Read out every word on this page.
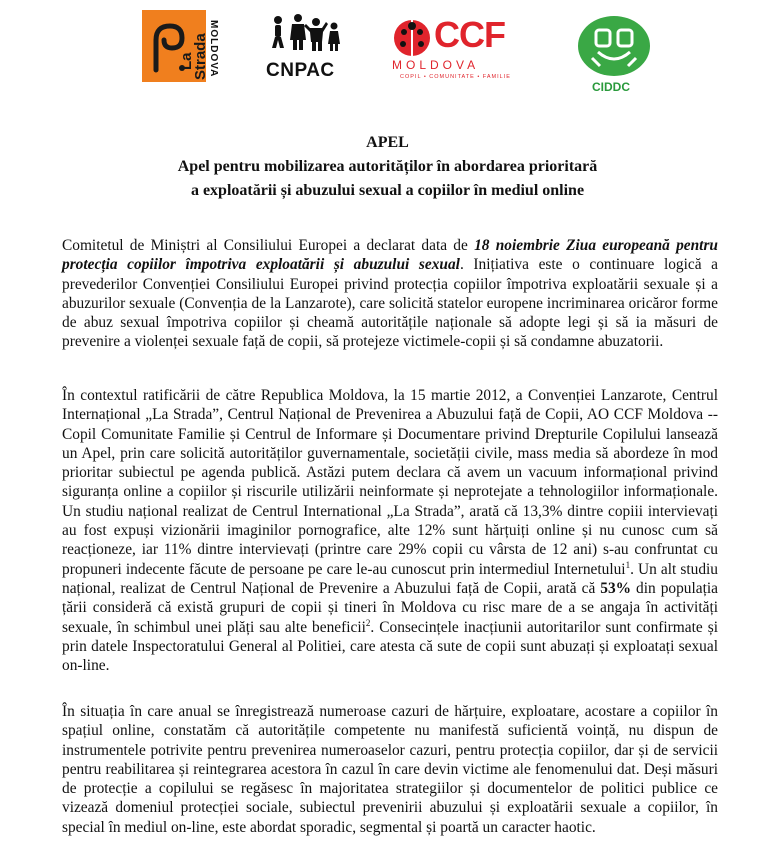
La
Strada MOLDOVA CNPAC
CCF
MOLDOVA
COPIL • COMUNITATE • FAMILIE
CIDDC
APEL
Apel pentru mobilizarea autorităților în abordarea prioritară
a exploatării și abuzului sexual a copiilor în mediul online
Comitetul de Miniștri al Consiliului Europei a declarat data de 18 noiembrie Ziua europeană pentru protecția copiilor împotriva exploatării și abuzului sexual. Inițiativa este o continuare logică a prevederilor Convenției Consiliului Europei privind protecția copiilor împotriva exploatării sexuale și a abuzurilor sexuale (Convenția de la Lanzarote), care solicită statelor europene incriminarea oricăror forme de abuz sexual împotriva copiilor și cheamă autoritățile naționale să adopte legi și să ia măsuri de prevenire a violenței sexuale față de copii, să protejeze victimele-copii și să condamne abuzatorii.
În contextul ratificării de către Republica Moldova, la 15 martie 2012, a Convenției Lanzarote, Centrul Internațional „La Strada”, Centrul Național de Prevenirea a Abuzului față de Copii, AO CCF Moldova --Copil Comunitate Familie și Centrul de Informare și Documentare privind Drepturile Copilului lansează un Apel, prin care solicită autorităților guvernamentale, societății civile, mass media să abordeze în mod prioritar subiectul pe agenda publică. Astăzi putem declara că avem un vacuum informațional privind siguranța online a copiilor și riscurile utilizării neinformate și neprotejate a tehnologiilor informaționale. Un studiu național realizat de Centrul International „La Strada”, arată că 13,3% dintre copiii intervievați au fost expuși vizionării imaginilor pornografice, alte 12% sunt hărțuiți online și nu cunosc cum să reacționeze, iar 11% dintre intervievați (printre care 29% copii cu vârsta de 12 ani) s-au confruntat cu propuneri indecente făcute de persoane pe care le-au cunoscut prin intermediul Internetului$^1$. Un alt studiu național, realizat de Centrul Național de Prevenire a Abuzului față de Copii, arată că 53% din populația țării consideră că există grupuri de copii și tineri în Moldova cu risc mare de a se angaja în activități sexuale, în schimbul unei plăți sau alte beneficii$^2$. Consecințele inacțiunii autoritarilor sunt confirmate și prin datele Inspectoratului General al Politiei, care atesta că sute de copii sunt abuzați și exploatați sexual on-line.
În situația în care anual se înregistrează numeroase cazuri de hărțuire, exploatare, acostare a copiilor în spațiul online, constatăm că autoritățile competente nu manifestă suficientă voință, nu dispun de instrumentele potrivite pentru prevenirea numeroaselor cazuri, pentru protecția copiilor, dar și de servicii pentru reabilitarea și reintegrarea acestora în cazul în care devin victime ale fenomenului dat. Deși măsuri de protecție a copilului se regăsesc în majoritatea strategiilor și documentelor de politici publice ce vizează domeniul protecției sociale, subiectul prevenirii abuzului și exploatării sexuale a copiilor, în special în mediul on-line, este abordat sporadic, segmental și poartă un caracter haotic.
